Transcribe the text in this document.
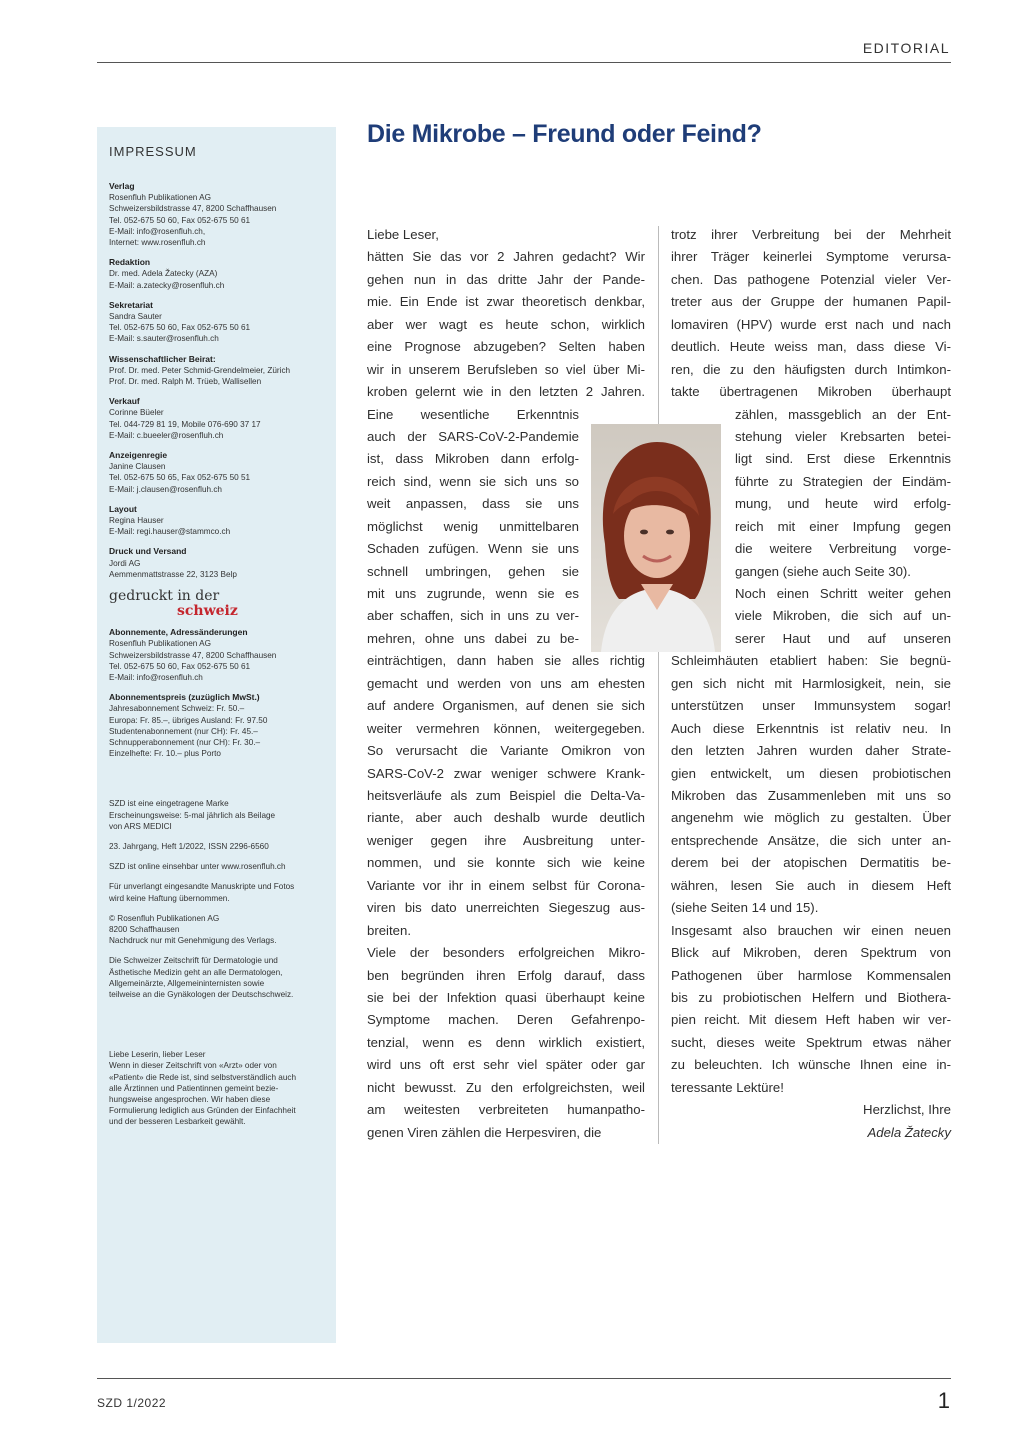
EDITORIAL
IMPRESSUM
Verlag
Rosenfluh Publikationen AG
Schweizersbildstrasse 47, 8200 Schaffhausen
Tel. 052-675 50 60, Fax 052-675 50 61
E-Mail: info@rosenfluh.ch,
Internet: www.rosenfluh.ch
Redaktion
Dr. med. Adela Žatecky (AZA)
E-Mail: a.zatecky@rosenfluh.ch
Sekretariat
Sandra Sauter
Tel. 052-675 50 60, Fax 052-675 50 61
E-Mail: s.sauter@rosenfluh.ch
Wissenschaftlicher Beirat:
Prof. Dr. med. Peter Schmid-Grendelmeier, Zürich
Prof. Dr. med. Ralph M. Trüeb, Wallisellen
Verkauf
Corinne Büeler
Tel. 044-729 81 19, Mobile 076-690 37 17
E-Mail: c.bueeler@rosenfluh.ch
Anzeigenregie
Janine Clausen
Tel. 052-675 50 65, Fax 052-675 50 51
E-Mail: j.clausen@rosenfluh.ch
Layout
Regina Hauser
E-Mail: regi.hauser@stammco.ch
Druck und Versand
Jordi AG
Aemmenmattstrasse 22, 3123 Belp
gedruckt in der
schweiz
Abonnemente, Adressänderungen
Rosenfluh Publikationen AG
Schweizersbildstrasse 47, 8200 Schaffhausen
Tel. 052-675 50 60, Fax 052-675 50 61
E-Mail: info@rosenfluh.ch
Abonnementspreis (zuzüglich MwSt.)
Jahresabonnement Schweiz: Fr. 50.–
Europa: Fr. 85.–, übriges Ausland: Fr. 97.50
Studentenabonnement (nur CH): Fr. 45.–
Schnupperabonnement (nur CH): Fr. 30.–
Einzelhefte: Fr. 10.– plus Porto
SZD ist eine eingetragene Marke
Erscheinungsweise: 5-mal jährlich als Beilage
von ARS MEDICI
23. Jahrgang, Heft 1/2022, ISSN 2296-6560
SZD ist online einsehbar unter www.rosenfluh.ch
Für unverlangt eingesandte Manuskripte und Fotos
wird keine Haftung übernommen.
© Rosenfluh Publikationen AG
8200 Schaffhausen
Nachdruck nur mit Genehmigung des Verlags.
Die Schweizer Zeitschrift für Dermatologie und
Ästhetische Medizin geht an alle Dermatologen,
Allgemeinärzte, Allgemeininternisten sowie
teilweise an die Gynäkologen der Deutschschweiz.
Liebe Leserin, lieber Leser
Wenn in dieser Zeitschrift von «Arzt» oder von
«Patient» die Rede ist, sind selbstverständlich auch
alle Ärztinnen und Patientinnen gemeint bezie-
hungsweise angesprochen. Wir haben diese
Formulierung lediglich aus Gründen der Einfachheit
und der besseren Lesbarkeit gewählt.
Die Mikrobe – Freund oder Feind?
Liebe Leser,
hätten Sie das vor 2 Jahren gedacht? Wir
gehen nun in das dritte Jahr der Pande-
mie. Ein Ende ist zwar theoretisch denkbar,
aber wer wagt es heute schon, wirklich
eine Prognose abzugeben? Selten haben
wir in unserem Berufsleben so viel über Mi-
kroben gelernt wie in den letzten 2 Jahren.
Eine wesentliche Erkenntnis
auch der SARS-CoV-2-Pandemie
ist, dass Mikroben dann erfolg-
reich sind, wenn sie sich uns so
weit anpassen, dass sie uns
möglichst wenig unmittelbaren
Schaden zufügen. Wenn sie uns
schnell umbringen, gehen sie
mit uns zugrunde, wenn sie es
aber schaffen, sich in uns zu ver-
mehren, ohne uns dabei zu be-
einträchtigen, dann haben sie alles richtig
gemacht und werden von uns am ehesten
auf andere Organismen, auf denen sie sich
weiter vermehren können, weitergegeben.
So verursacht die Variante Omikron von
SARS-CoV-2 zwar weniger schwere Krank-
heitsverläufe als zum Beispiel die Delta-Va-
riante, aber auch deshalb wurde deutlich
weniger gegen ihre Ausbreitung unter-
nommen, und sie konnte sich wie keine
Variante vor ihr in einem selbst für Corona-
viren bis dato unerreichten Siegeszug aus-
breiten.
Viele der besonders erfolgreichen Mikro-
ben begründen ihren Erfolg darauf, dass
sie bei der Infektion quasi überhaupt keine
Symptome machen. Deren Gefahrenpo-
tenzial, wenn es denn wirklich existiert,
wird uns oft erst sehr viel später oder gar
nicht bewusst. Zu den erfolgreichsten, weil
am weitesten verbreiteten humanpatho-
genen Viren zählen die Herpesviren, die
trotz ihrer Verbreitung bei der Mehrheit
ihrer Träger keinerlei Symptome verursa-
chen. Das pathogene Potenzial vieler Ver-
treter aus der Gruppe der humanen Papil-
lomaviren (HPV) wurde erst nach und nach
deutlich. Heute weiss man, dass diese Vi-
ren, die zu den häufigsten durch Intimkon-
takte übertragenen Mikroben überhaupt
zählen, massgeblich an der Ent-
stehung vieler Krebsarten betei-
ligt sind. Erst diese Erkenntnis
führte zu Strategien der Eindäm-
mung, und heute wird erfolg-
reich mit einer Impfung gegen
die weitere Verbreitung vorge-
gangen (siehe auch Seite 30).
Noch einen Schritt weiter gehen
viele Mikroben, die sich auf un-
serer Haut und auf unseren
Schleimhäuten etabliert haben: Sie begnü-
gen sich nicht mit Harmlosigkeit, nein, sie
unterstützen unser Immunsystem sogar!
Auch diese Erkenntnis ist relativ neu. In
den letzten Jahren wurden daher Strate-
gien entwickelt, um diesen probiotischen
Mikroben das Zusammenleben mit uns so
angenehm wie möglich zu gestalten. Über
entsprechende Ansätze, die sich unter an-
derem bei der atopischen Dermatitis be-
währen, lesen Sie auch in diesem Heft
(siehe Seiten 14 und 15).
Insgesamt also brauchen wir einen neuen
Blick auf Mikroben, deren Spektrum von
Pathogenen über harmlose Kommensalen
bis zu probiotischen Helfern und Biothera-
pien reicht. Mit diesem Heft haben wir ver-
sucht, dieses weite Spektrum etwas näher
zu beleuchten. Ich wünsche Ihnen eine in-
teressante Lektüre!
Herzlichst, Ihre
Adela Žatecky
SZD 1/2022	1
